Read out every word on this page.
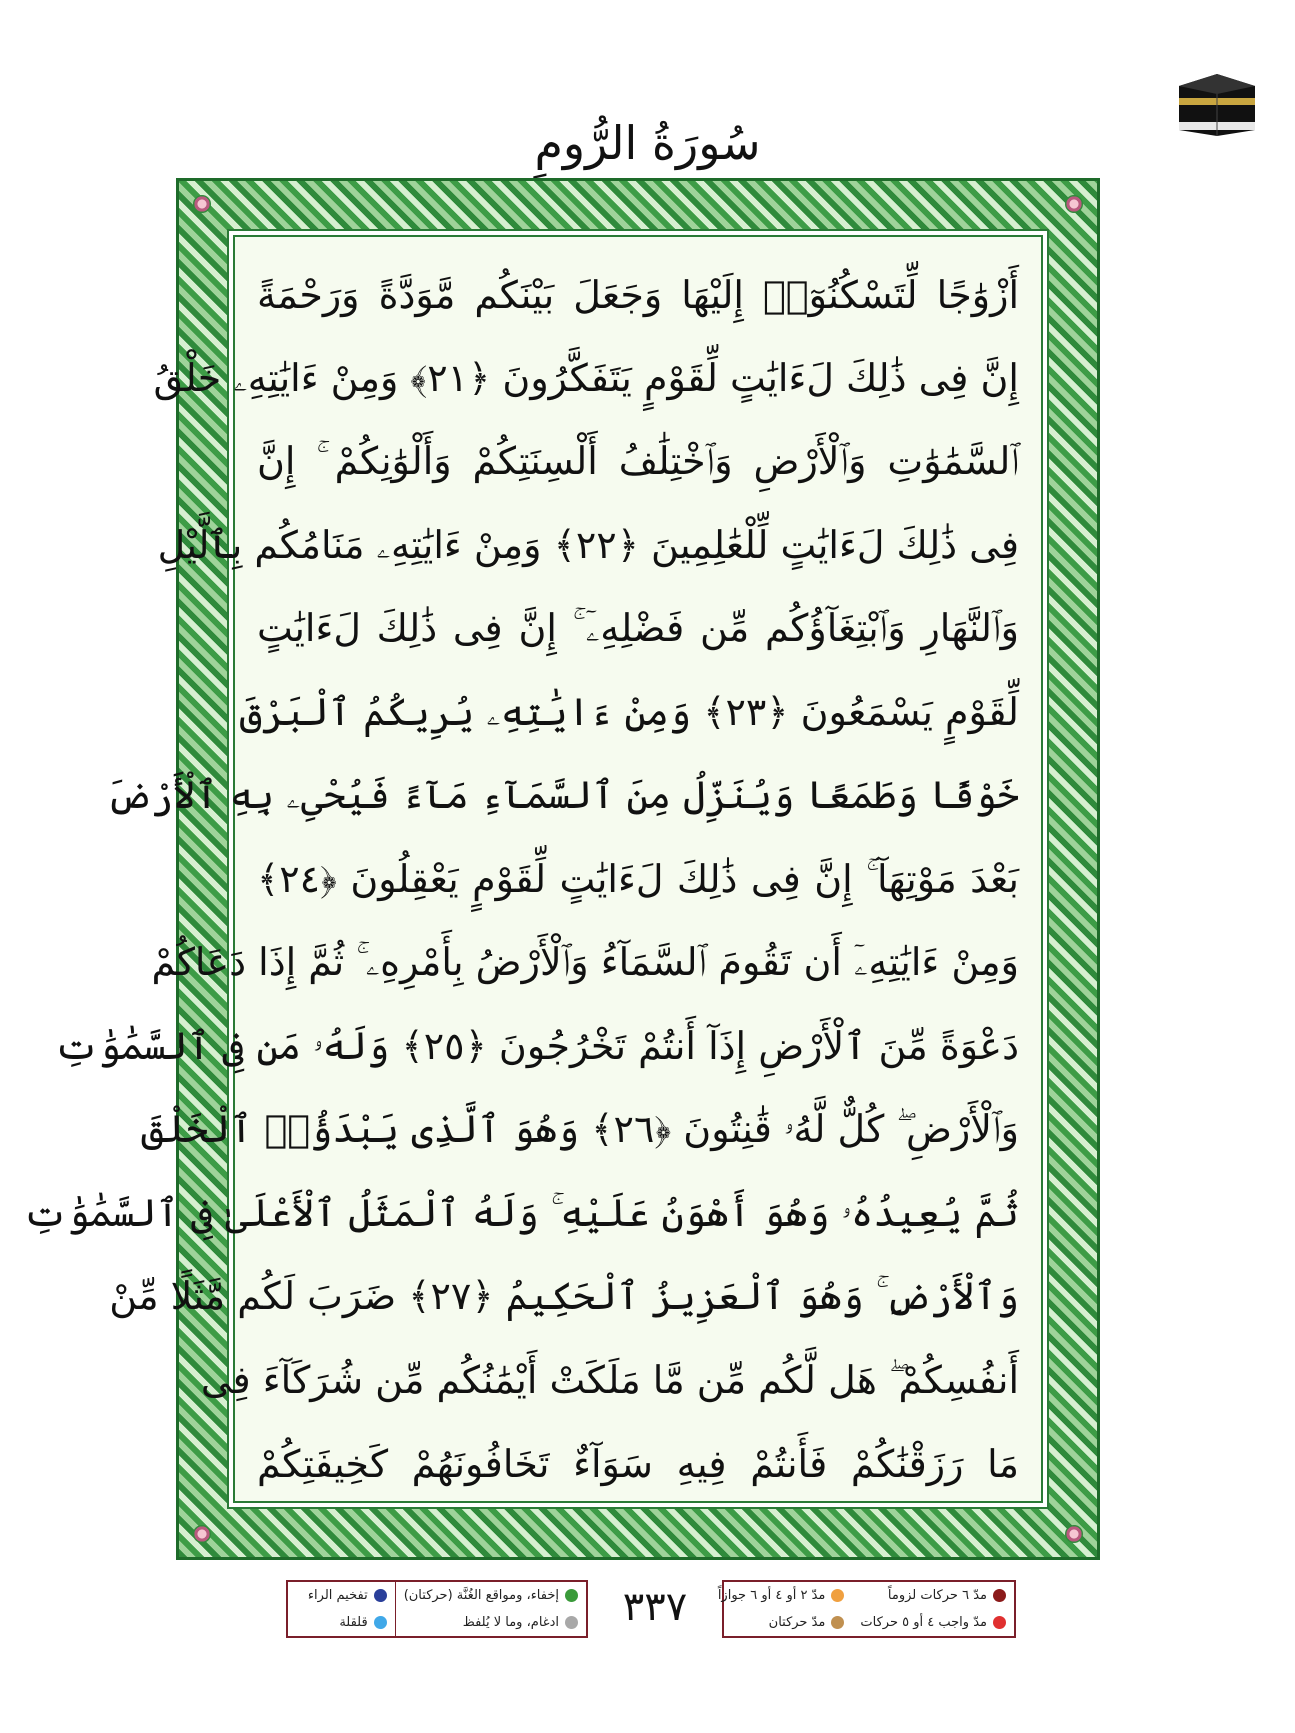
سُورَةُ الرُّومِ
أَزْوَٰجًا لِّتَسْكُنُوٓا۟ إِلَيْهَا وَجَعَلَ بَيْنَكُم مَّوَدَّةً وَرَحْمَةً
إِنَّ فِى ذَٰلِكَ لَءَايَٰتٍ لِّقَوْمٍ يَتَفَكَّرُونَ ﴿٢١﴾ وَمِنْ ءَايَٰتِهِۦ خَلْقُ
ٱلسَّمَٰوَٰتِ وَٱلْأَرْضِ وَٱخْتِلَٰفُ أَلْسِنَتِكُمْ وَأَلْوَٰنِكُمْ ۚ إِنَّ
فِى ذَٰلِكَ لَءَايَٰتٍ لِّلْعَٰلِمِينَ ﴿٢٢﴾ وَمِنْ ءَايَٰتِهِۦ مَنَامُكُم بِٱلَّيْلِ
وَٱلنَّهَارِ وَٱبْتِغَآؤُكُم مِّن فَضْلِهِۦٓ ۚ إِنَّ فِى ذَٰلِكَ لَءَايَٰتٍ
لِّقَوْمٍ يَسْمَعُونَ ﴿٢٣﴾ وَمِنْ ءَايَٰتِهِۦ يُرِيكُمُ ٱلْبَرْقَ
خَوْفًا وَطَمَعًا وَيُنَزِّلُ مِنَ ٱلسَّمَآءِ مَآءً فَيُحْىِۦ بِهِ ٱلْأَرْضَ
بَعْدَ مَوْتِهَآ ۚ إِنَّ فِى ذَٰلِكَ لَءَايَٰتٍ لِّقَوْمٍ يَعْقِلُونَ ﴿٢٤﴾
وَمِنْ ءَايَٰتِهِۦٓ أَن تَقُومَ ٱلسَّمَآءُ وَٱلْأَرْضُ بِأَمْرِهِۦ ۚ ثُمَّ إِذَا دَعَاكُمْ
دَعْوَةً مِّنَ ٱلْأَرْضِ إِذَآ أَنتُمْ تَخْرُجُونَ ﴿٢٥﴾ وَلَهُۥ مَن فِى ٱلسَّمَٰوَٰتِ
وَٱلْأَرْضِ ۖ كُلٌّ لَّهُۥ قَٰنِتُونَ ﴿٢٦﴾ وَهُوَ ٱلَّذِى يَبْدَؤُا۟ ٱلْخَلْقَ
ثُمَّ يُعِيدُهُۥ وَهُوَ أَهْوَنُ عَلَيْهِ ۚ وَلَهُ ٱلْمَثَلُ ٱلْأَعْلَىٰ فِى ٱلسَّمَٰوَٰتِ
وَٱلْأَرْضِ ۚ وَهُوَ ٱلْعَزِيزُ ٱلْحَكِيمُ ﴿٢٧﴾ ضَرَبَ لَكُم مَّثَلًا مِّنْ
أَنفُسِكُمْ ۖ هَل لَّكُم مِّن مَّا مَلَكَتْ أَيْمَٰنُكُم مِّن شُرَكَآءَ فِى
مَا رَزَقْنَٰكُمْ فَأَنتُمْ فِيهِ سَوَآءٌ تَخَافُونَهُمْ كَخِيفَتِكُمْ
إخفاء، ومواقع الغُنَّة (حركتان)
تفخيم الراء
ادغام، وما لا يُلفظ
قلقلة	٣٣٧	مدّ ٦ حركات لزوماً
مدّ ٢ أو ٤ أو ٦ جوازاً
مدّ واجب ٤ أو ٥ حركات
مدّ حركتان
